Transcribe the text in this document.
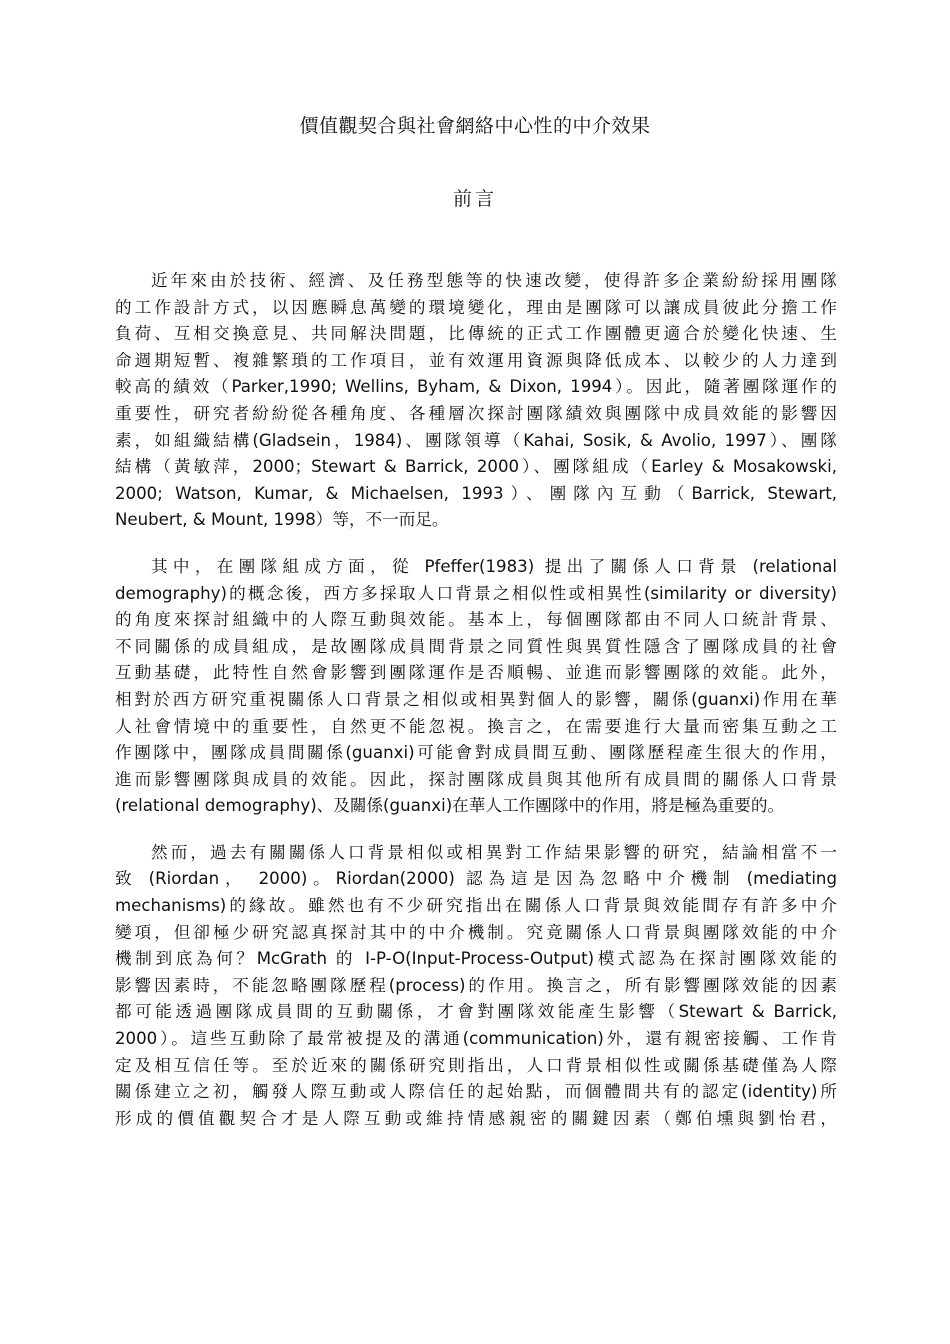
價值觀契合與社會網絡中心性的中介效果
前言
近年來由於技術、經濟、及任務型態等的快速改變，使得許多企業紛紛採用團隊
的工作設計方式，以因應瞬息萬變的環境變化，理由是團隊可以讓成員彼此分擔工作
負荷、互相交換意見、共同解決問題，比傳統的正式工作團體更適合於變化快速、生
命週期短暫、複雜繁瑣的工作項目，並有效運用資源與降低成本、以較少的人力達到
較高的績效（Parker,1990; Wellins, Byham, & Dixon, 1994）。因此，隨著團隊運作的
重要性，研究者紛紛從各種角度、各種層次探討團隊績效與團隊中成員效能的影響因
素，如組織結構(Gladsein，1984)、團隊領導（Kahai, Sosik, & Avolio, 1997）、團隊
結構（黃敏萍，2000；Stewart & Barrick, 2000）、團隊組成（Earley & Mosakowski,
2000; Watson, Kumar, & Michaelsen, 1993）、團隊內互動（Barrick, Stewart,
Neubert, & Mount, 1998）等，不一而足。
其中，在團隊組成方面，從 Pfeffer(1983) 提出了關係人口背景 (relational
demography)的概念後，西方多採取人口背景之相似性或相異性(similarity or diversity)
的角度來探討組織中的人際互動與效能。基本上，每個團隊都由不同人口統計背景、
不同關係的成員組成，是故團隊成員間背景之同質性與異質性隱含了團隊成員的社會
互動基礎，此特性自然會影響到團隊運作是否順暢、並進而影響團隊的效能。此外，
相對於西方研究重視關係人口背景之相似或相異對個人的影響，關係(guanxi)作用在華
人社會情境中的重要性，自然更不能忽視。換言之，在需要進行大量而密集互動之工
作團隊中，團隊成員間關係(guanxi)可能會對成員間互動、團隊歷程產生很大的作用，
進而影響團隊與成員的效能。因此，探討團隊成員與其他所有成員間的關係人口背景
(relational demography)、及關係(guanxi)在華人工作團隊中的作用，將是極為重要的。
然而，過去有關關係人口背景相似或相異對工作結果影響的研究，結論相當不一
致 (Riordan， 2000)。Riordan(2000) 認為這是因為忽略中介機制 (mediating
mechanisms)的緣故。雖然也有不少研究指出在關係人口背景與效能間存有許多中介
變項，但卻極少研究認真探討其中的中介機制。究竟關係人口背景與團隊效能的中介
機制到底為何？McGrath 的 I-P-O(Input-Process-Output)模式認為在探討團隊效能的
影響因素時，不能忽略團隊歷程(process)的作用。換言之，所有影響團隊效能的因素
都可能透過團隊成員間的互動關係，才會對團隊效能產生影響（Stewart & Barrick,
2000）。這些互動除了最常被提及的溝通(communication)外，還有親密接觸、工作肯
定及相互信任等。至於近來的關係研究則指出，人口背景相似性或關係基礎僅為人際
關係建立之初，觸發人際互動或人際信任的起始點，而個體間共有的認定(identity)所
形成的價值觀契合才是人際互動或維持情感親密的關鍵因素（鄭伯壎與劉怡君，
